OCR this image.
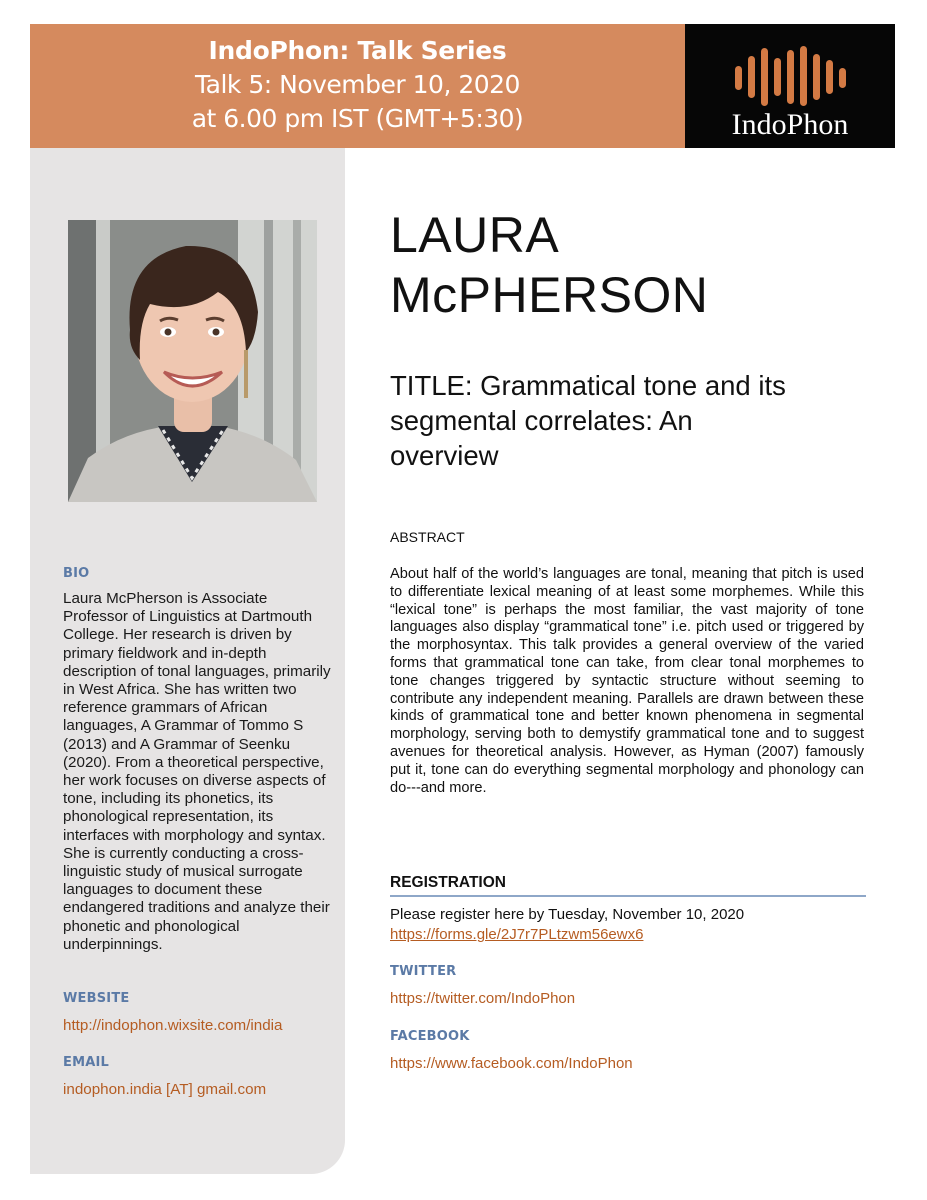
IndoPhon: Talk Series
Talk 5: November 10, 2020
at 6.00 pm IST (GMT+5:30)	IndoPhon
BIO
Laura McPherson is Associate Professor of Linguistics at Dartmouth College. Her research is driven by primary fieldwork and in-depth description of tonal languages, primarily in West Africa. She has written two reference grammars of African languages, A Grammar of Tommo S (2013) and A Grammar of Seenku (2020). From a theoretical perspective, her work focuses on diverse aspects of tone, including its phonetics, its phonological representation, its interfaces with morphology and syntax. She is currently conducting a cross-linguistic study of musical surrogate languages to document these endangered traditions and analyze their phonetic and phonological underpinnings.
WEBSITE
http://indophon.wixsite.com/india
EMAIL
indophon.india [AT] gmail.com
LAURA
McPHERSON
TITLE: Grammatical tone and its
segmental correlates: An
overview
ABSTRACT
About half of the world’s languages are tonal, meaning that pitch is used to differentiate lexical meaning of at least some morphemes. While this “lexical tone” is perhaps the most familiar, the vast majority of tone languages also display “grammatical tone” i.e. pitch used or triggered by the morphosyntax. This talk provides a general overview of the varied forms that grammatical tone can take, from clear tonal morphemes to tone changes triggered by syntactic structure without seeming to contribute any independent meaning. Parallels are drawn between these kinds of grammatical tone and better known phenomena in segmental morphology, serving both to demystify grammatical tone and to suggest avenues for theoretical analysis. However, as Hyman (2007) famously put it, tone can do everything segmental morphology and phonology can do---and more.
REGISTRATION
Please register here by Tuesday, November 10, 2020
https://forms.gle/2J7r7PLtzwm56ewx6
TWITTER
https://twitter.com/IndoPhon
FACEBOOK
https://www.facebook.com/IndoPhon
